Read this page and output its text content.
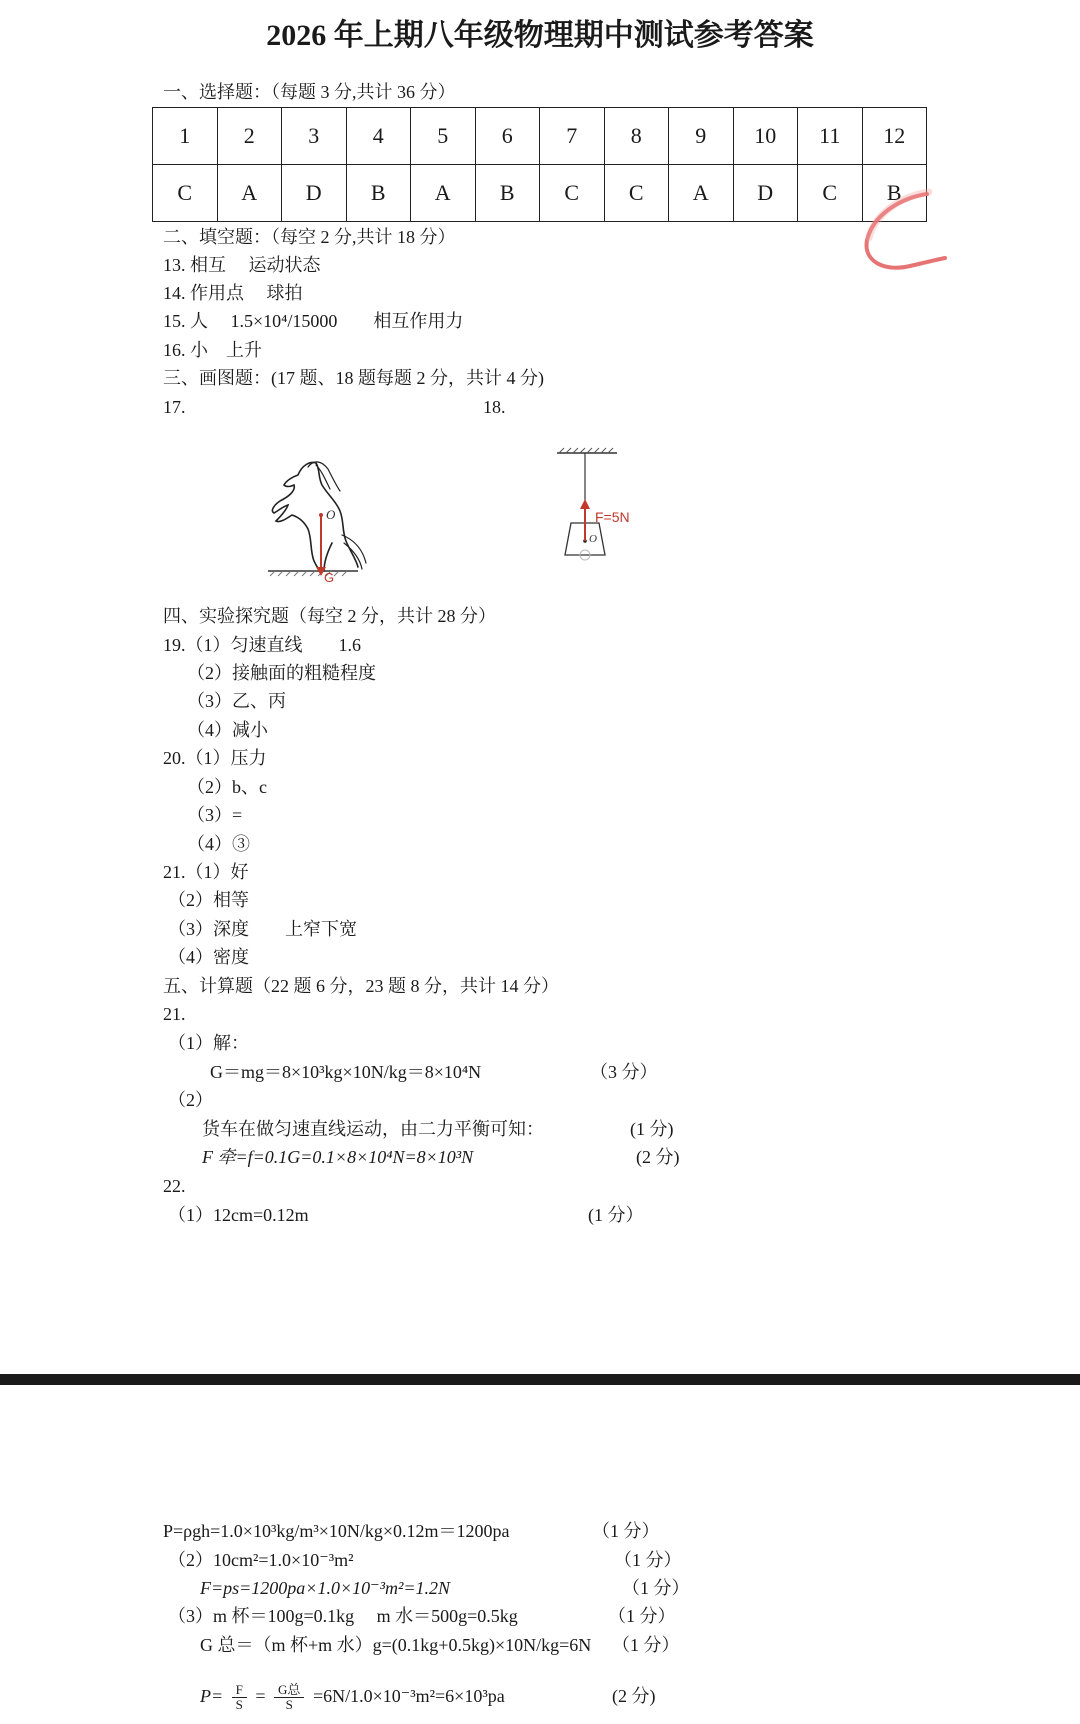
2026 年上期八年级物理期中测试参考答案
一、选择题：（每题 3 分,共计 36 分）
1	2	3	4	5	6	7	8	9	10	11	12
C	A	D	B	A	B	C	C	A	D	C	B
二、填空题：（每空 2 分,共计 18 分）
13. 相互　 运动状态
14. 作用点　 球拍
15. 人　 1.5×10⁴/15000　　相互作用力
16. 小　上升
三、画图题：(17 题、18 题每题 2 分，共计 4 分)
17.	18.
O
G
F=5N
O
四、实验探究题（每空 2 分，共计 28 分）
19.（1）匀速直线　　1.6
（2）接触面的粗糙程度
（3）乙、丙
（4）减小
20.（1）压力
（2）b、c
（3）=
（4）③
21.（1）好
（2）相等
（3）深度　　上窄下宽
（4）密度
五、计算题（22 题 6 分，23 题 8 分，共计 14 分）
21.
（1）解：
G＝mg＝8×10³kg×10N/kg＝8×10⁴N	（3 分）
（2）
货车在做匀速直线运动，由二力平衡可知：	(1 分)
F 牵=f=0.1G=0.1×8×10⁴N=8×10³N	(2 分)
22.
（1）12cm=0.12m	(1 分）
P=ρgh=1.0×10³kg/m³×10N/kg×0.12m＝1200pa	（1 分）
（2）10cm²=1.0×10⁻³m²	（1 分）
F=ps=1200pa×1.0×10⁻³m²=1.2N	（1 分）
（3）m 杯＝100g=0.1kg　 m 水＝500g=0.5kg	（1 分）
G 总＝（m 杯+m 水）g=(0.1kg+0.5kg)×10N/kg=6N （1 分）
$P= \frac{F}{S} = \frac{\text{G总}}{S} =6N/1.0\times 10^{-3}m^2=6\times 10^3pa$	(2 分)
